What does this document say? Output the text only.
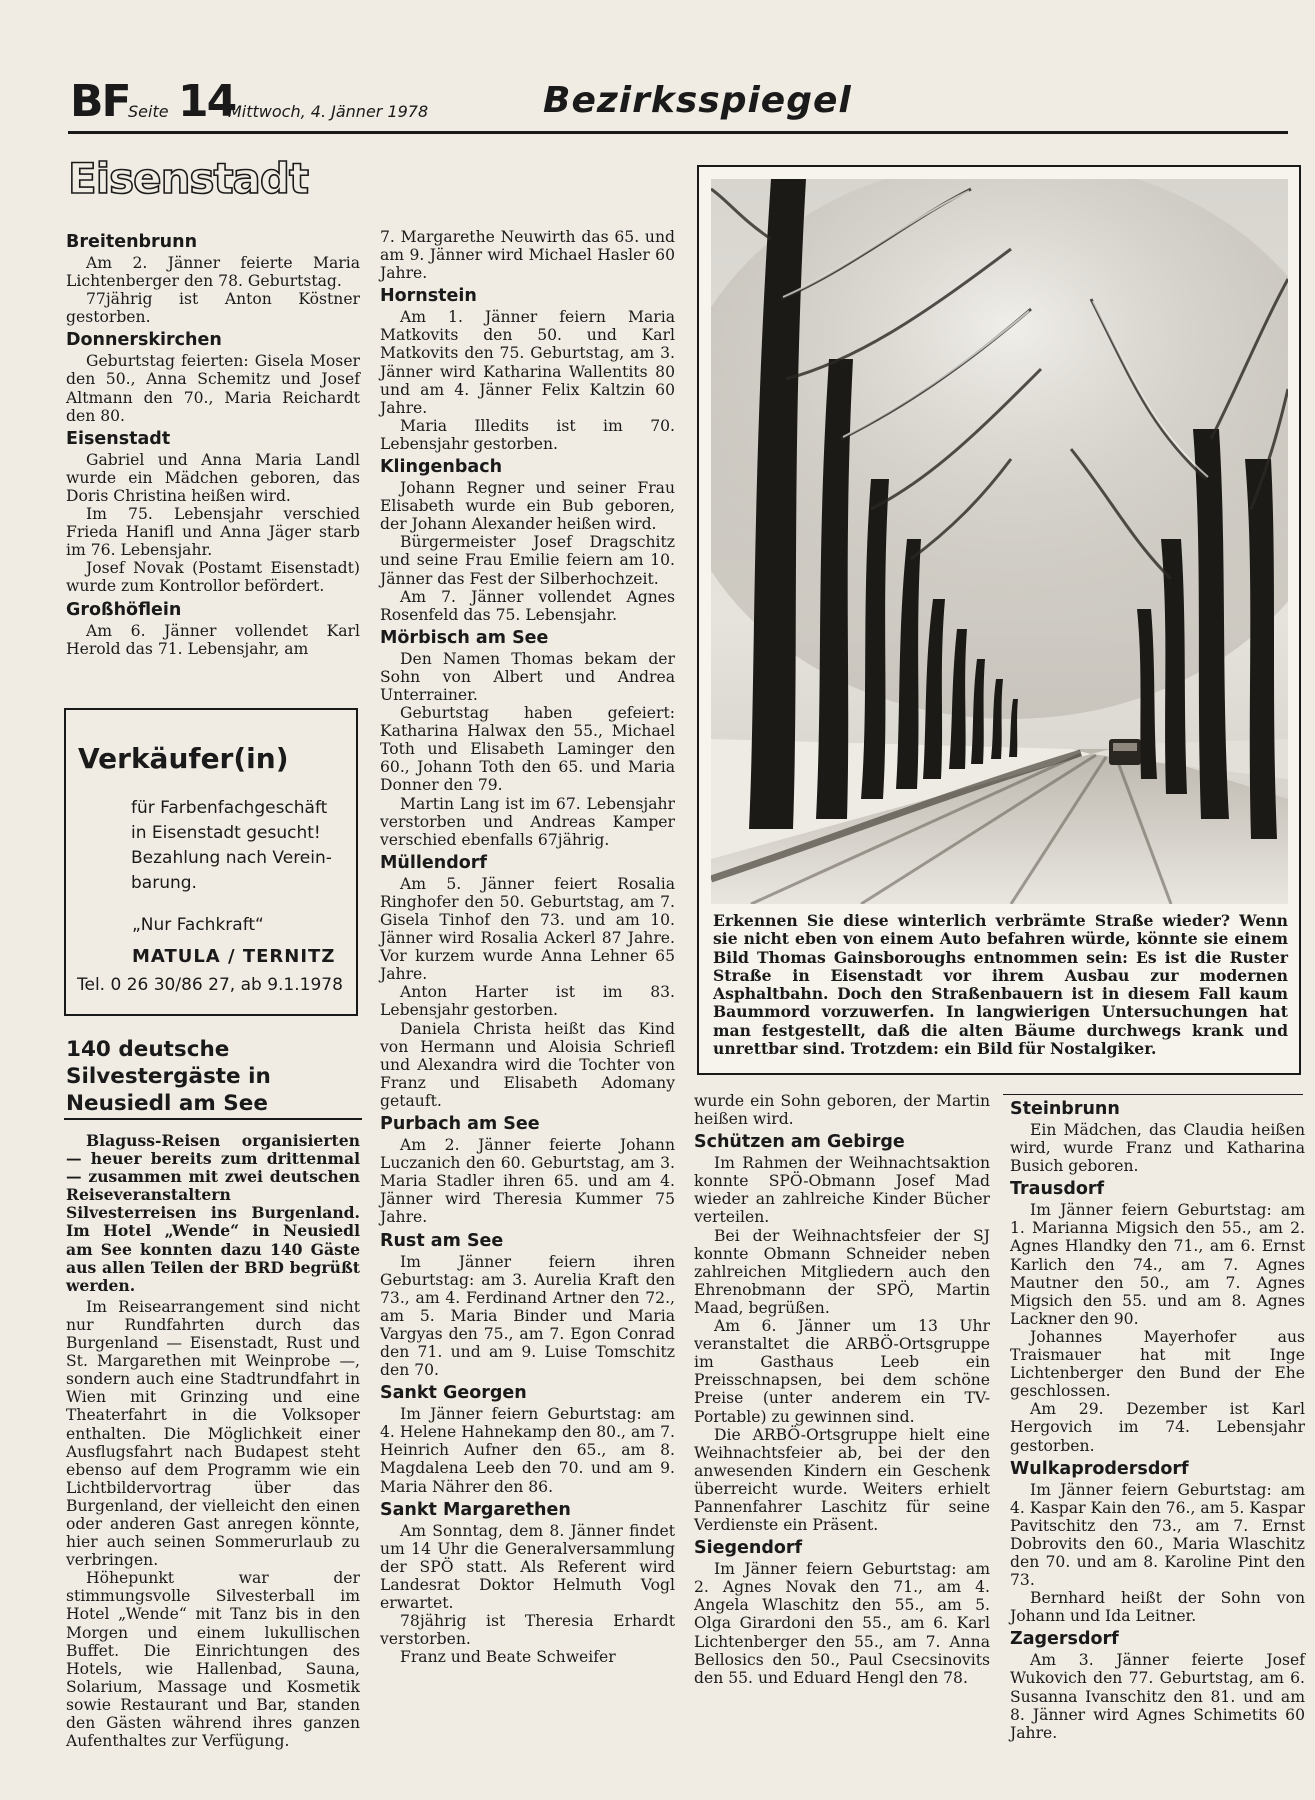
BF
Seite 14
Mittwoch, 4. Jänner 1978	Bezirksspiegel
Eisenstadt
Breitenbrunn

Am 2. Jänner feierte Maria Lichtenberger den 78. Geburtstag.

77jährig ist Anton Köstner gestorben.

Donnerskirchen

Geburtstag feierten: Gisela Moser den 50., Anna Schemitz und Josef Altmann den 70., Maria Reichardt den 80.

Eisenstadt

Gabriel und Anna Maria Landl wurde ein Mädchen geboren, das Doris Christina heißen wird.

Im 75. Lebensjahr verschied Frieda Hanifl und Anna Jäger starb im 76. Lebensjahr.

Josef Novak (Postamt Eisenstadt) wurde zum Kontrollor befördert.

Großhöflein

Am 6. Jänner vollendet Karl Herold das 71. Lebensjahr, am

Verkäufer(in)
für Farbenfachgeschäft
in Eisenstadt gesucht!
Bezahlung nach Verein-
barung.
„Nur Fachkraft“
MATULA / TERNITZ
Tel. 0 26 30/86 27, ab 9.1.1978
140 deutsche Silvestergäste in Neusiedl am See

Blaguss-Reisen organisierten — heuer bereits zum drittenmal — zusammen mit zwei deutschen Reiseveranstaltern Silvesterreisen ins Burgenland. Im Hotel „Wende“ in Neusiedl am See konnten dazu 140 Gäste aus allen Teilen der BRD begrüßt werden.

Im Reisearrangement sind nicht nur Rundfahrten durch das Burgenland — Eisenstadt, Rust und St. Margarethen mit Weinprobe —, sondern auch eine Stadtrundfahrt in Wien mit Grinzing und eine Theaterfahrt in die Volksoper enthalten. Die Möglichkeit einer Ausflugsfahrt nach Budapest steht ebenso auf dem Programm wie ein Lichtbildervortrag über das Burgenland, der vielleicht den einen oder anderen Gast anregen könnte, hier auch seinen Sommerurlaub zu verbringen.

Höhepunkt war der stimmungsvolle Silvesterball im Hotel „Wende“ mit Tanz bis in den Morgen und einem lukullischen Buffet. Die Einrichtungen des Hotels, wie Hallenbad, Sauna, Solarium, Massage und Kosmetik sowie Restaurant und Bar, standen den Gästen während ihres ganzen Aufenthaltes zur Verfügung.

7. Margarethe Neuwirth das 65. und am 9. Jänner wird Michael Hasler 60 Jahre.

Hornstein

Am 1. Jänner feiern Maria Matkovits den 50. und Karl Matkovits den 75. Geburtstag, am 3. Jänner wird Katharina Wallentits 80 und am 4. Jänner Felix Kaltzin 60 Jahre.

Maria Illedits ist im 70. Lebensjahr gestorben.

Klingenbach

Johann Regner und seiner Frau Elisabeth wurde ein Bub geboren, der Johann Alexander heißen wird.

Bürgermeister Josef Dragschitz und seine Frau Emilie feiern am 10. Jänner das Fest der Silberhochzeit.

Am 7. Jänner vollendet Agnes Rosenfeld das 75. Lebensjahr.

Mörbisch am See

Den Namen Thomas bekam der Sohn von Albert und Andrea Unterrainer.

Geburtstag haben gefeiert: Katharina Halwax den 55., Michael Toth und Elisabeth Laminger den 60., Johann Toth den 65. und Maria Donner den 79.

Martin Lang ist im 67. Lebensjahr verstorben und Andreas Kamper verschied ebenfalls 67jährig.

Müllendorf

Am 5. Jänner feiert Rosalia Ringhofer den 50. Geburtstag, am 7. Gisela Tinhof den 73. und am 10. Jänner wird Rosalia Ackerl 87 Jahre. Vor kurzem wurde Anna Lehner 65 Jahre.

Anton Harter ist im 83. Lebensjahr gestorben.

Daniela Christa heißt das Kind von Hermann und Aloisia Schriefl und Alexandra wird die Tochter von Franz und Elisabeth Adomany getauft.

Purbach am See

Am 2. Jänner feierte Johann Luczanich den 60. Geburtstag, am 3. Maria Stadler ihren 65. und am 4. Jänner wird Theresia Kummer 75 Jahre.

Rust am See

Im Jänner feiern ihren Geburtstag: am 3. Aurelia Kraft den 73., am 4. Ferdinand Artner den 72., am 5. Maria Binder und Maria Vargyas den 75., am 7. Egon Conrad den 71. und am 9. Luise Tomschitz den 70.

Sankt Georgen

Im Jänner feiern Geburtstag: am 4. Helene Hahnekamp den 80., am 7. Heinrich Aufner den 65., am 8. Magdalena Leeb den 70. und am 9. Maria Nährer den 86.

Sankt Margarethen

Am Sonntag, dem 8. Jänner findet um 14 Uhr die Generalversammlung der SPÖ statt. Als Referent wird Landesrat Doktor Helmuth Vogl erwartet.

78jährig ist Theresia Erhardt verstorben.

Franz und Beate Schweifer

Erkennen Sie diese winterlich verbrämte Straße wieder? Wenn sie nicht eben von einem Auto befahren würde, könnte sie einem Bild Thomas Gainsboroughs entnommen sein: Es ist die Ruster Straße in Eisenstadt vor ihrem Ausbau zur modernen Asphaltbahn. Doch den Straßenbauern ist in diesem Fall kaum Baummord vorzuwerfen. In langwierigen Untersuchungen hat man festgestellt, daß die alten Bäume durchwegs krank und unrettbar sind. Trotzdem: ein Bild für Nostalgiker.

wurde ein Sohn geboren, der Martin heißen wird.

Schützen am Gebirge

Im Rahmen der Weihnachtsaktion konnte SPÖ-Obmann Josef Mad wieder an zahlreiche Kinder Bücher verteilen.

Bei der Weihnachtsfeier der SJ konnte Obmann Schneider neben zahlreichen Mitgliedern auch den Ehrenobmann der SPÖ, Martin Maad, begrüßen.

Am 6. Jänner um 13 Uhr veranstaltet die ARBÖ-Ortsgruppe im Gasthaus Leeb ein Preisschnapsen, bei dem schöne Preise (unter anderem ein TV-Portable) zu gewinnen sind.

Die ARBÖ-Ortsgruppe hielt eine Weihnachtsfeier ab, bei der den anwesenden Kindern ein Geschenk überreicht wurde. Weiters erhielt Pannenfahrer Laschitz für seine Verdienste ein Präsent.

Siegendorf

Im Jänner feiern Geburtstag: am 2. Agnes Novak den 71., am 4. Angela Wlaschitz den 55., am 5. Olga Girardoni den 55., am 6. Karl Lichtenberger den 55., am 7. Anna Bellosics den 50., Paul Csecsinovits den 55. und Eduard Hengl den 78.

Steinbrunn

Ein Mädchen, das Claudia heißen wird, wurde Franz und Katharina Busich geboren.

Trausdorf

Im Jänner feiern Geburtstag: am 1. Marianna Migsich den 55., am 2. Agnes Hlandky den 71., am 6. Ernst Karlich den 74., am 7. Agnes Mautner den 50., am 7. Agnes Migsich den 55. und am 8. Agnes Lackner den 90.

Johannes Mayerhofer aus Traismauer hat mit Inge Lichtenberger den Bund der Ehe geschlossen.

Am 29. Dezember ist Karl Hergovich im 74. Lebensjahr gestorben.

Wulkaprodersdorf

Im Jänner feiern Geburtstag: am 4. Kaspar Kain den 76., am 5. Kaspar Pavitschitz den 73., am 7. Ernst Dobrovits den 60., Maria Wlaschitz den 70. und am 8. Karoline Pint den 73.

Bernhard heißt der Sohn von Johann und Ida Leitner.

Zagersdorf

Am 3. Jänner feierte Josef Wukovich den 77. Geburtstag, am 6. Susanna Ivanschitz den 81. und am 8. Jänner wird Agnes Schimetits 60 Jahre.
